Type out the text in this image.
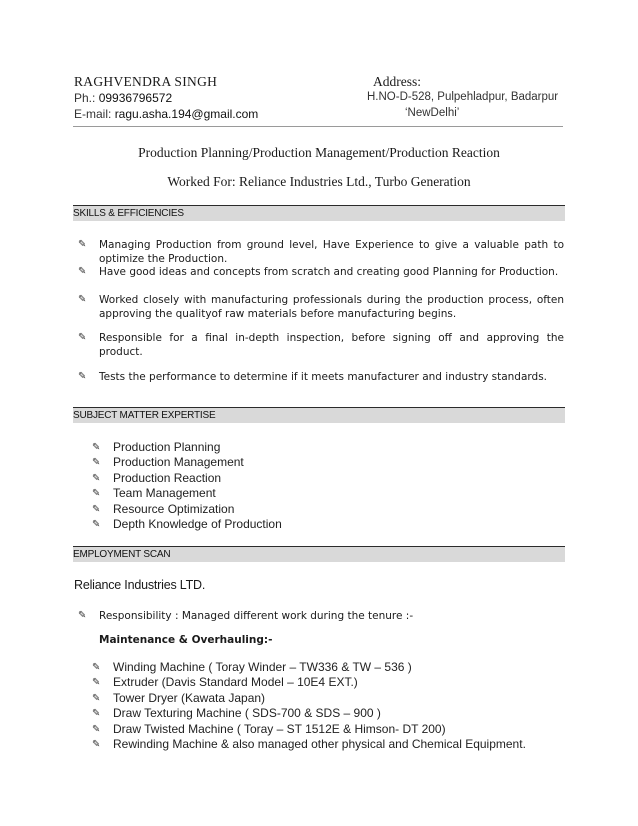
RAGHVENDRA SINGH
Ph.: 09936796572
E-mail: ragu.asha.194@gmail.com
Address:
H.NO-D-528, Pulpehladpur, Badarpur
‘NewDelhi’
Production Planning/Production Management/Production Reaction
Worked For: Reliance Industries Ltd., Turbo Generation
SKILLS & EFFICIENCIES
✎ Managing Production from ground level, Have Experience to give a valuable path to optimize the Production.
✎ Have good ideas and concepts from scratch and creating good Planning for Production.
✎ Worked closely with manufacturing professionals during the production process, often approving the qualityof raw materials before manufacturing begins.
✎ Responsible for a final in-depth inspection, before signing off and approving the product.
✎ Tests the performance to determine if it meets manufacturer and industry standards.
SUBJECT MATTER EXPERTISE
✎ Production Planning
✎ Production Management
✎ Production Reaction
✎ Team Management
✎ Resource Optimization
✎ Depth Knowledge of Production
EMPLOYMENT SCAN
Reliance Industries LTD.
✎ Responsibility : Managed different work during the tenure :-
Maintenance & Overhauling:-
✎ Winding Machine ( Toray Winder – TW336 & TW – 536 )
✎ Extruder (Davis Standard Model – 10E4 EXT.)
✎ Tower Dryer (Kawata Japan)
✎ Draw Texturing Machine ( SDS-700 & SDS – 900 )
✎ Draw Twisted Machine ( Toray – ST 1512E & Himson- DT 200)
✎ Rewinding Machine & also managed other physical and Chemical Equipment.
